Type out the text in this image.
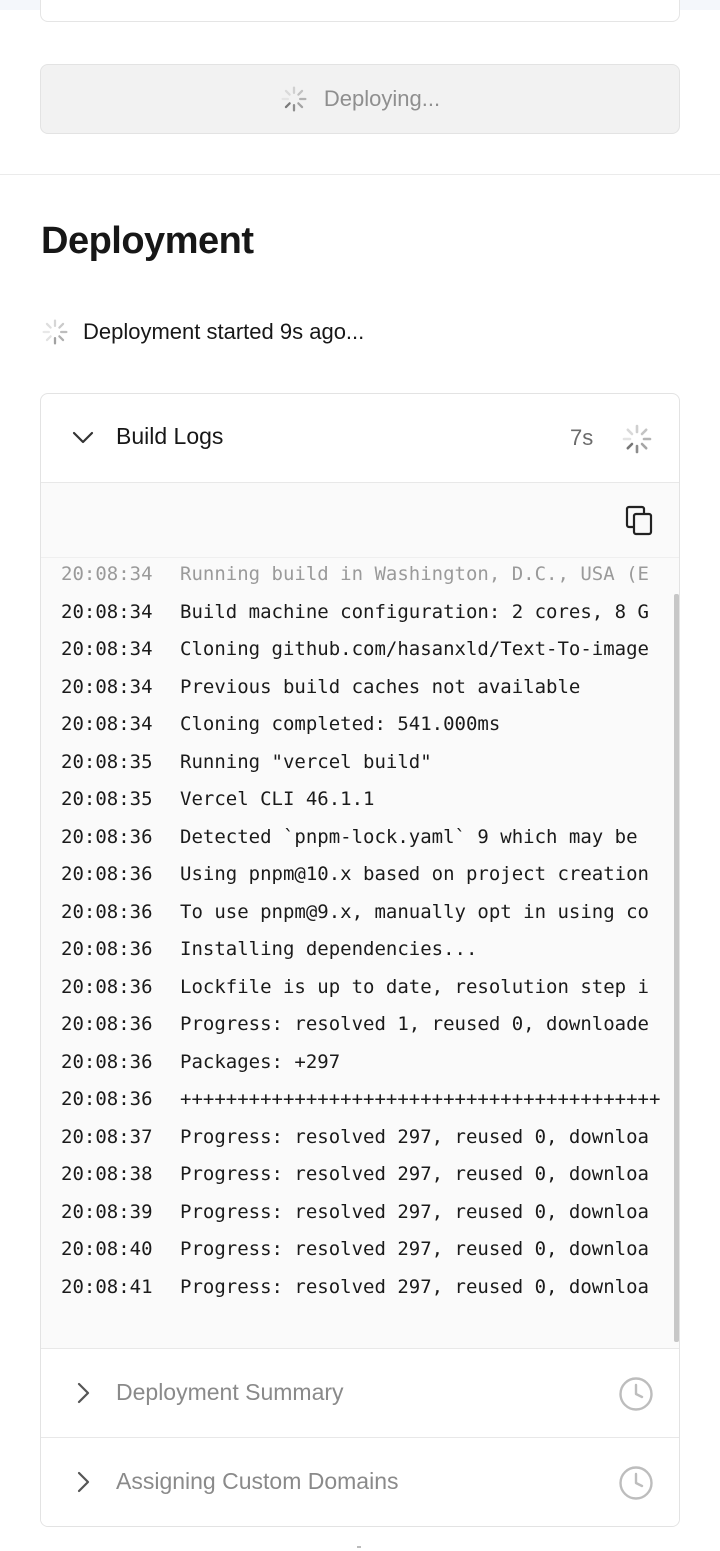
Deploying...
Deployment
Deployment started 9s ago...
Build Logs	7s
20:08:34 Running build in Washington, D.C., USA (E
20:08:34 Build machine configuration: 2 cores, 8 G
20:08:34 Cloning github.com/hasanxld/Text-To-image
20:08:34 Previous build caches not available
20:08:34 Cloning completed: 541.000ms
20:08:35 Running "vercel build"
20:08:35 Vercel CLI 46.1.1
20:08:36 Detected `pnpm-lock.yaml` 9 which may be
20:08:36 Using pnpm@10.x based on project creation
20:08:36 To use pnpm@9.x, manually opt in using co
20:08:36 Installing dependencies...
20:08:36 Lockfile is up to date, resolution step i
20:08:36 Progress: resolved 1, reused 0, downloade
20:08:36 Packages: +297
20:08:36 ++++++++++++++++++++++++++++++++++++++++++
20:08:37 Progress: resolved 297, reused 0, downloa
20:08:38 Progress: resolved 297, reused 0, downloa
20:08:39 Progress: resolved 297, reused 0, downloa
20:08:40 Progress: resolved 297, reused 0, downloa
20:08:41 Progress: resolved 297, reused 0, downloa
Deployment Summary
Assigning Custom Domains
